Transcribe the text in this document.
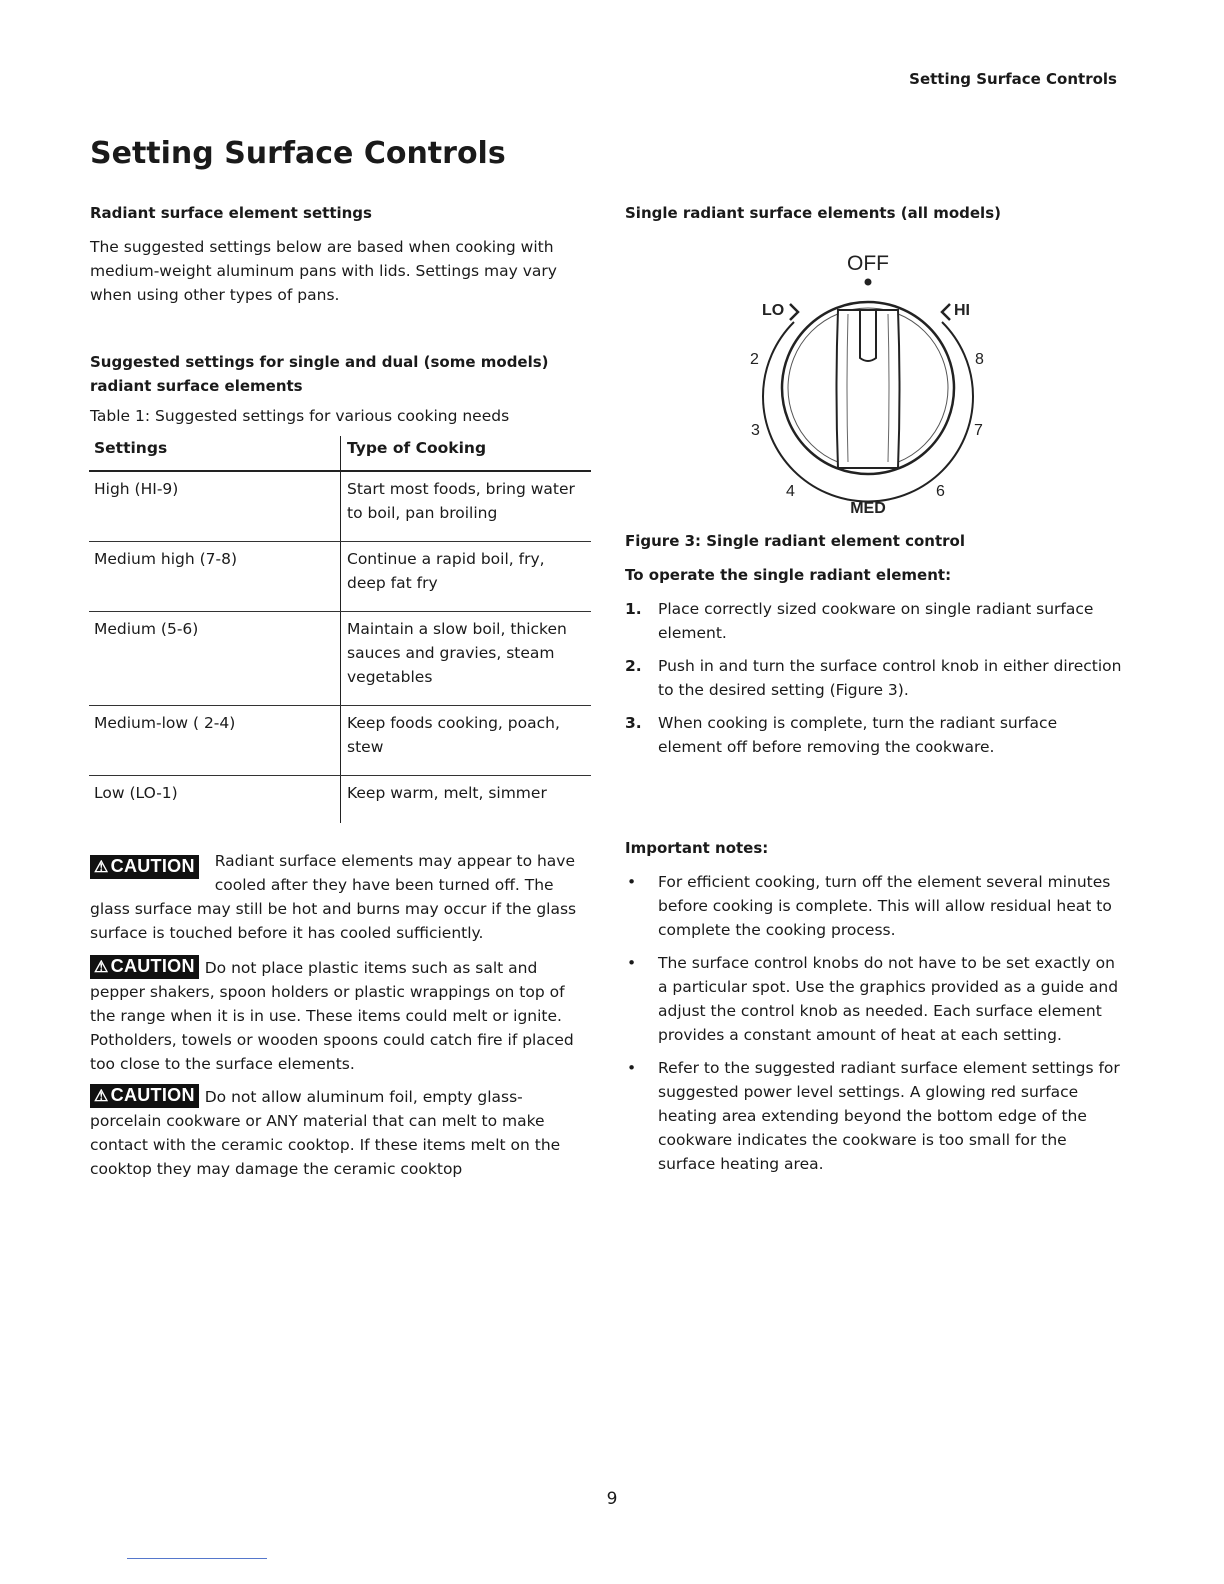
Setting Surface Controls
Setting Surface Controls
Radiant surface element settings
The suggested settings below are based when cooking with medium-weight aluminum pans with lids. Settings may vary when using other types of pans.
Suggested settings for single and dual (some models) radiant surface elements
Table 1: Suggested settings for various cooking needs
Settings	Type of Cooking
High (HI-9)	Start most foods, bring water to boil, pan broiling
Medium high (7-8)	Continue a rapid boil, fry, deep fat fry
Medium (5-6)	Maintain a slow boil, thicken sauces and gravies, steam vegetables
Medium-low ( 2-4)	Keep foods cooking, poach, stew
Low (LO-1)	Keep warm, melt, simmer
⚠ CAUTION	Radiant surface elements may appear to have cooled after they have been turned off. The glass surface may still be hot and burns may occur if the glass surface is touched before it has cooled sufficiently.

⚠ CAUTION Do not place plastic items such as salt and pepper shakers, spoon holders or plastic wrappings on top of the range when it is in use. These items could melt or ignite. Potholders, towels or wooden spoons could catch fire if placed too close to the surface elements.

⚠ CAUTION Do not allow aluminum foil, empty glass-porcelain cookware or ANY material that can melt to make contact with the ceramic cooktop. If these items melt on the cooktop they may damage the ceramic cooktop

Single radiant surface elements (all models)
OFF
LO	HI
2	8
3	7
4	6
MED
Figure 3: Single radiant element control
To operate the single radiant element:
1. Place correctly sized cookware on single radiant surface element.
2. Push in and turn the surface control knob in either direction to the desired setting (Figure 3).
3. When cooking is complete, turn the radiant surface element off before removing the cookware.
Important notes:
• For efficient cooking, turn off the element several minutes before cooking is complete. This will allow residual heat to complete the cooking process.
• The surface control knobs do not have to be set exactly on a particular spot. Use the graphics provided as a guide and adjust the control knob as needed. Each surface element provides a constant amount of heat at each setting.
• Refer to the suggested radiant surface element settings for suggested power level settings. A glowing red surface heating area extending beyond the bottom edge of the cookware indicates the cookware is too small for the surface heating area.
9
